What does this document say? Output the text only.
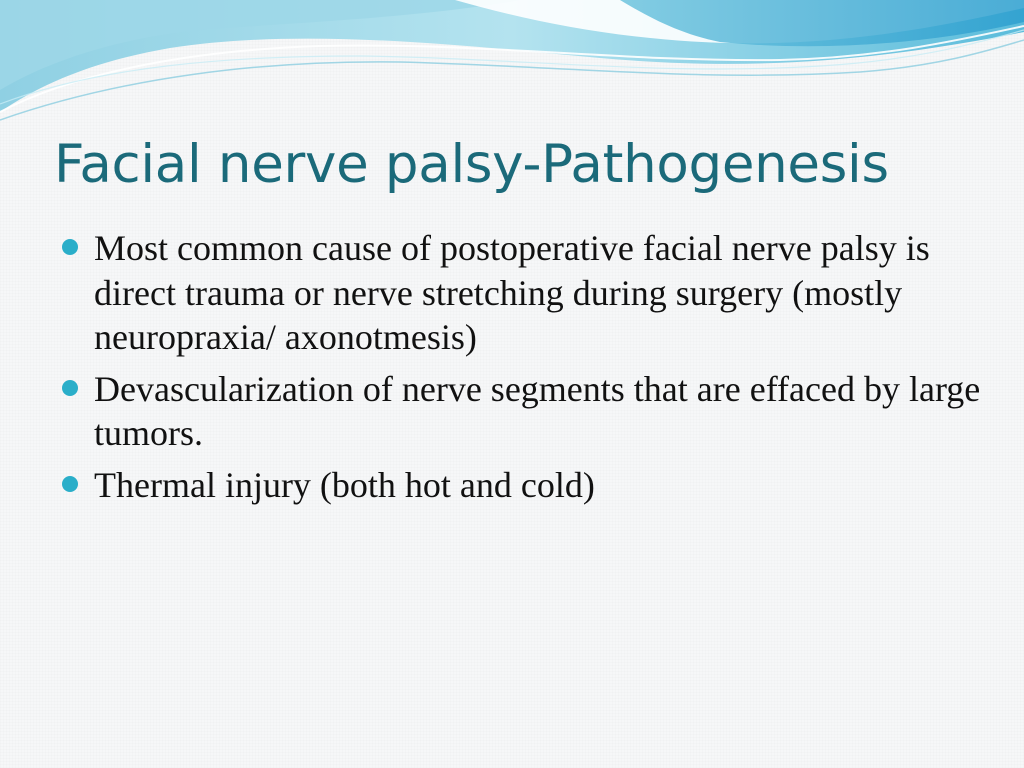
Facial nerve palsy-Pathogenesis
Most common cause of postoperative facial nerve palsy is direct trauma or nerve stretching during surgery (mostly neuropraxia/ axonotmesis)
Devascularization of nerve segments that are effaced by large tumors.
Thermal injury (both hot and cold)
